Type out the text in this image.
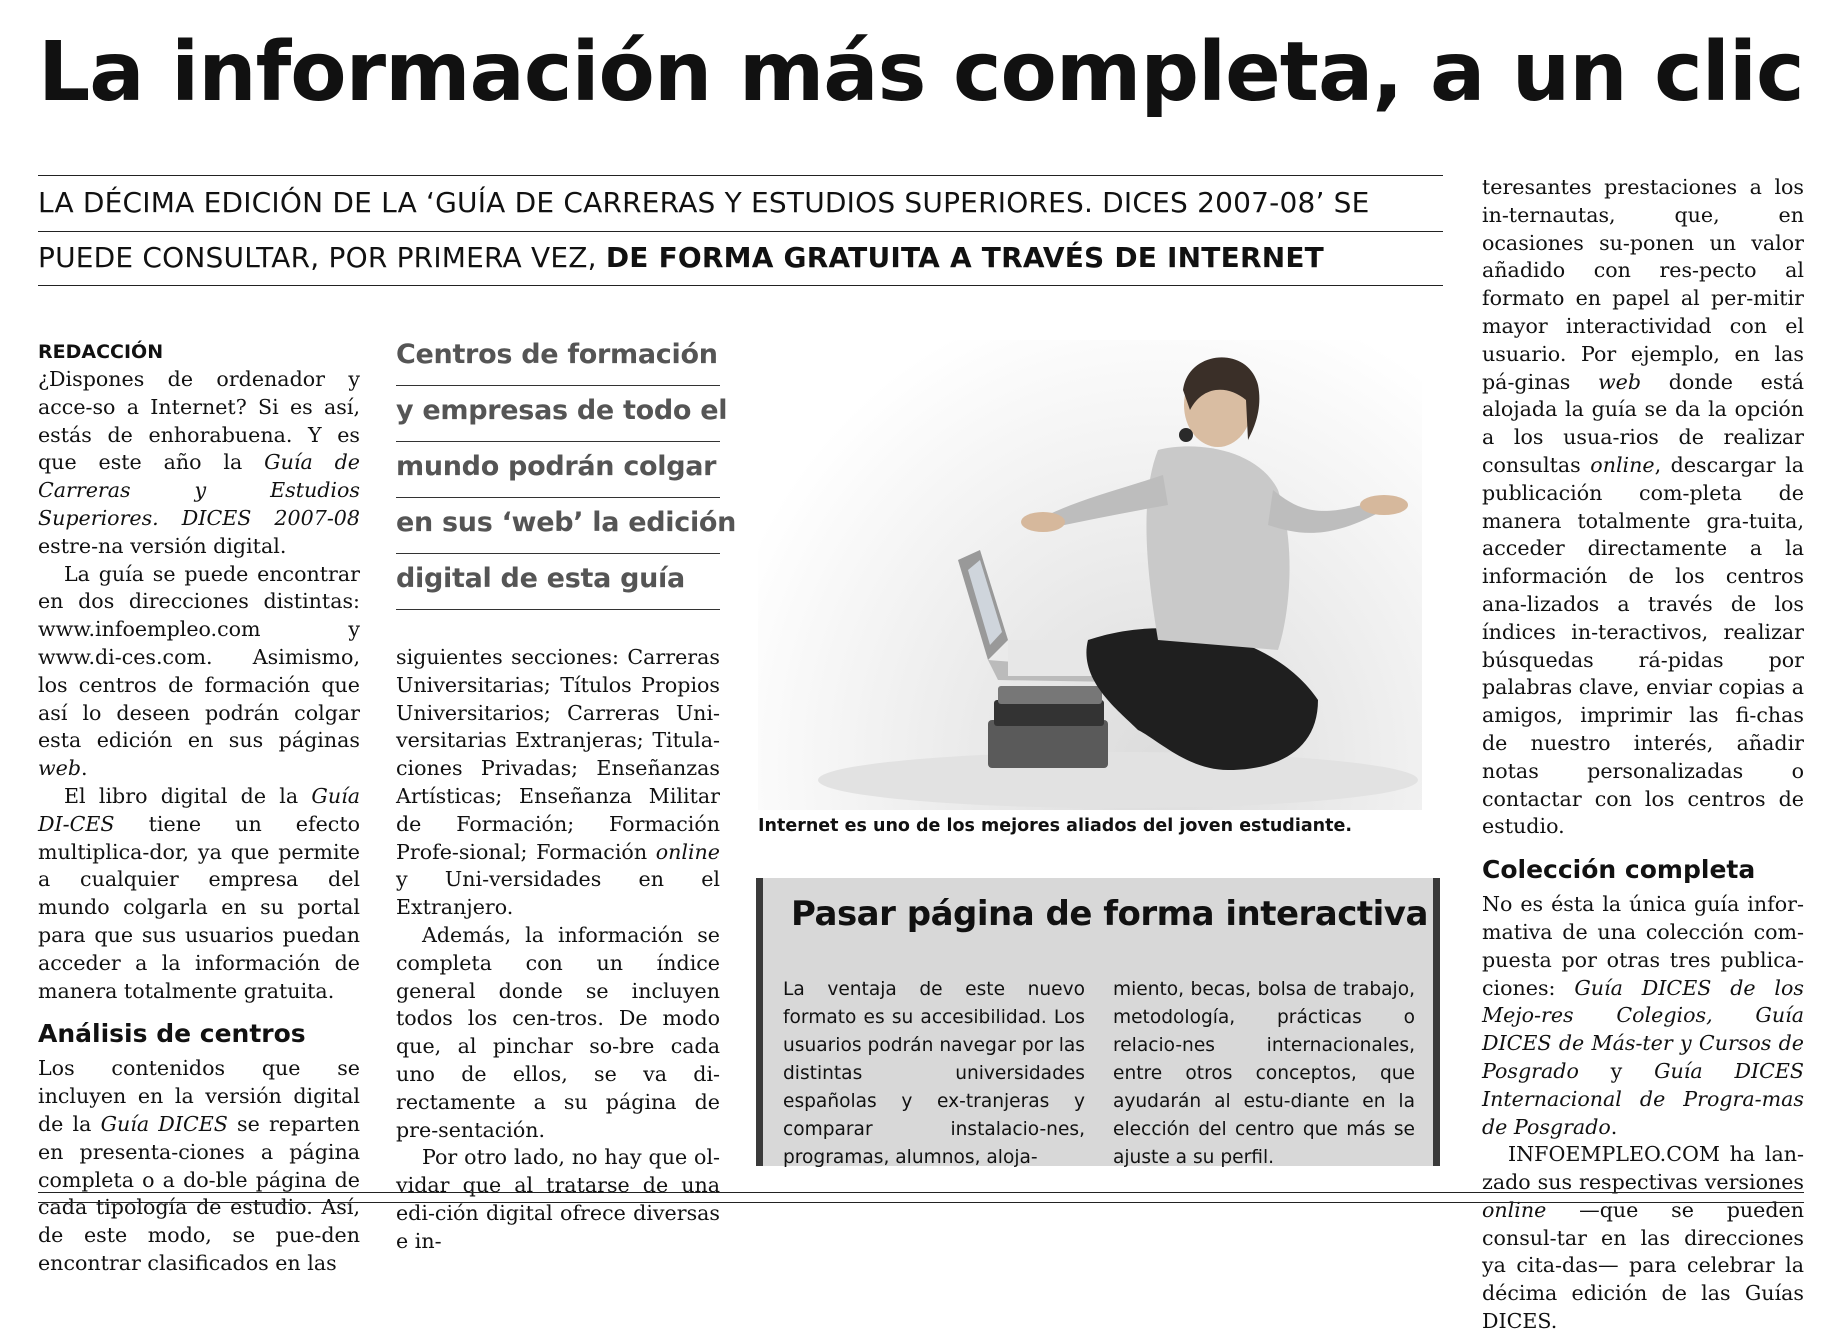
La información más completa, a un clic
LA DÉCIMA EDICIÓN DE LA ‘GUÍA DE CARRERAS Y ESTUDIOS SUPERIORES. DICES 2007-08’ SE
PUEDE CONSULTAR, POR PRIMERA VEZ, DE FORMA GRATUITA A TRAVÉS DE INTERNET

REDACCIÓN

¿Dispones de ordenador y acce-so a Internet? Si es así, estás de enhorabuena. Y es que este año la Guía de Carreras y Estudios Superiores. DICES 2007-08 estre-na versión digital.

La guía se puede encontrar en dos direcciones distintas: www.infoempleo.com y www.di-ces.com. Asimismo, los centros de formación que así lo deseen podrán colgar esta edición en sus páginas web.

El libro digital de la Guía DI-CES tiene un efecto multiplica-dor, ya que permite a cualquier empresa del mundo colgarla en su portal para que sus usuarios puedan acceder a la información de manera totalmente gratuita.

Análisis de centros

Los contenidos que se incluyen en la versión digital de la Guía DICES se reparten en presenta-ciones a página completa o a do-ble página de cada tipología de estudio. Así, de este modo, se pue-den encontrar clasificados en las

Centros de formación
y empresas de todo el
mundo podrán colgar
en sus ‘web’ la edición
digital de esta guía

siguientes secciones: Carreras Universitarias; Títulos Propios Universitarios; Carreras Uni-versitarias Extranjeras; Titula-ciones Privadas; Enseñanzas Artísticas; Enseñanza Militar de Formación; Formación Profe-sional; Formación online y Uni-versidades en el Extranjero.

Además, la información se completa con un índice general donde se incluyen todos los cen-tros. De modo que, al pinchar so-bre cada uno de ellos, se va di-rectamente a su página de pre-sentación.

Por otro lado, no hay que ol-vidar que al tratarse de una edi-ción digital ofrece diversas e in-

Internet es uno de los mejores aliados del joven estudiante.
Pasar página de forma interactiva
La ventaja de este nuevo formato es su accesibilidad. Los usuarios podrán navegar por las distintas universidades españolas y ex-tranjeras y comparar instalacio-nes, programas, alumnos, aloja-
miento, becas, bolsa de trabajo, metodología, prácticas o relacio-nes internacionales, entre otros conceptos, que ayudarán al estu-diante en la elección del centro que más se ajuste a su perfil.

teresantes prestaciones a los in-ternautas, que, en ocasiones su-ponen un valor añadido con res-pecto al formato en papel al per-mitir mayor interactividad con el usuario. Por ejemplo, en las pá-ginas web donde está alojada la guía se da la opción a los usua-rios de realizar consultas online, descargar la publicación com-pleta de manera totalmente gra-tuita, acceder directamente a la información de los centros ana-lizados a través de los índices in-teractivos, realizar búsquedas rá-pidas por palabras clave, enviar copias a amigos, imprimir las fi-chas de nuestro interés, añadir notas personalizadas o contactar con los centros de estudio.

Colección completa

No es ésta la única guía infor-mativa de una colección com-puesta por otras tres publica-ciones: Guía DICES de los Mejo-res Colegios, Guía DICES de Más-ter y Cursos de Posgrado y Guía DICES Internacional de Progra-mas de Posgrado.

INFOEMPLEO.COM ha lan-zado sus respectivas versiones online —que se pueden consul-tar en las direcciones ya cita-das— para celebrar la décima edición de las Guías DICES.
